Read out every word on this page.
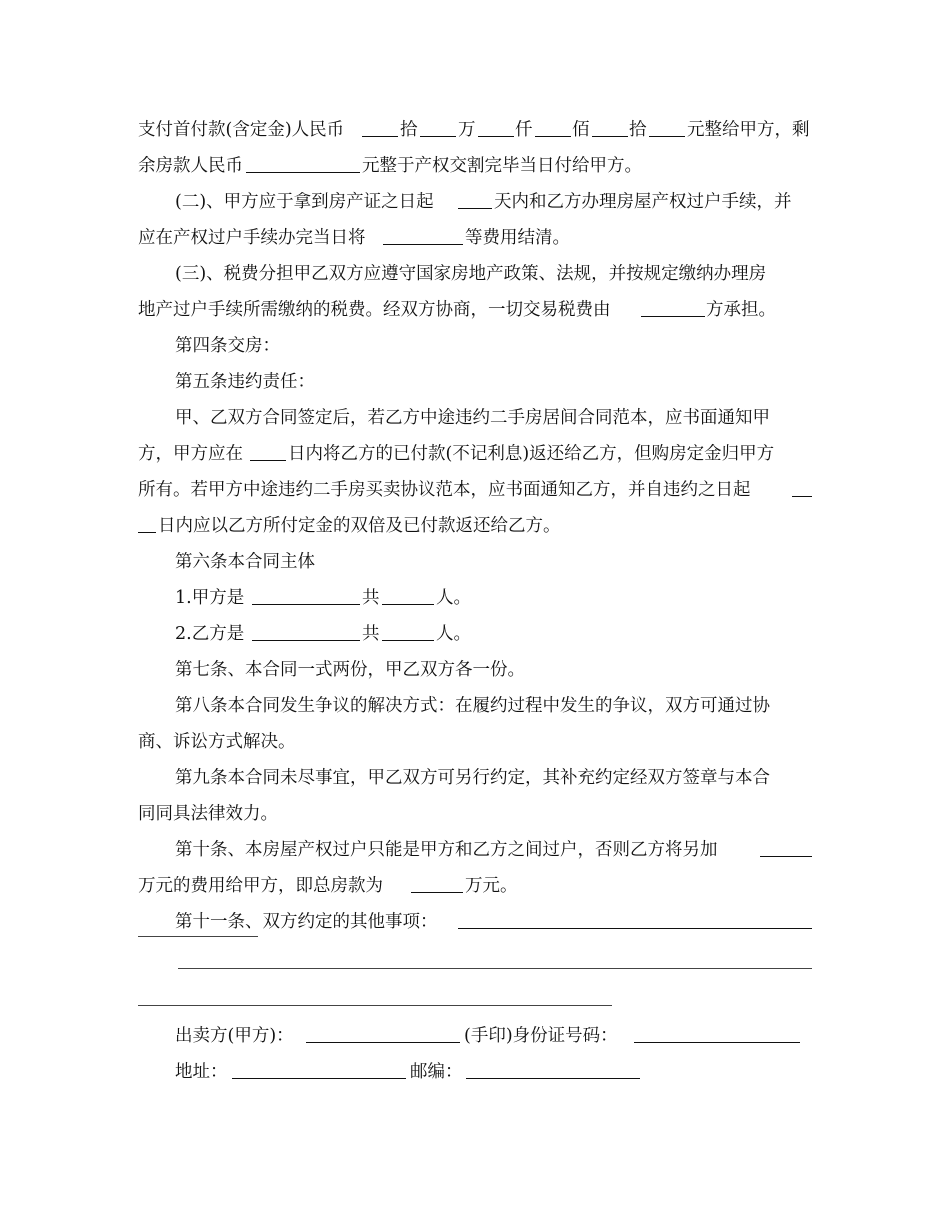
支付首付款(含定金)人民币	拾 万 仟 佰 拾 元整给甲方，剩
余房款人民币	元整于产权交割完毕当日付给甲方。
(二)、甲方应于拿到房产证之日起	天内和乙方办理房屋产权过户手续，并
应在产权过户手续办完当日将	等费用结清。
(三)、税费分担甲乙双方应遵守国家房地产政策、法规，并按规定缴纳办理房
地产过户手续所需缴纳的税费。经双方协商，一切交易税费由	方承担。
第四条交房：
第五条违约责任：
甲、乙双方合同签定后，若乙方中途违约二手房居间合同范本，应书面通知甲
方，甲方应在	日内将乙方的已付款(不记利息)返还给乙方，但购房定金归甲方
所有。若甲方中途违约二手房买卖协议范本，应书面通知乙方，并自违约之日起
日内应以乙方所付定金的双倍及已付款返还给乙方。
第六条本合同主体
1.甲方是	共	人。
2.乙方是	共	人。
第七条、本合同一式两份，甲乙双方各一份。
第八条本合同发生争议的解决方式：在履约过程中发生的争议，双方可通过协
商、诉讼方式解决。
第九条本合同未尽事宜，甲乙双方可另行约定，其补充约定经双方签章与本合
同同具法律效力。
第十条、本房屋产权过户只能是甲方和乙方之间过户，否则乙方将另加
万元的费用给甲方，即总房款为	万元。
第十一条、双方约定的其他事项：
出卖方(甲方)：	(手印)身份证号码：
地址：	邮编：
